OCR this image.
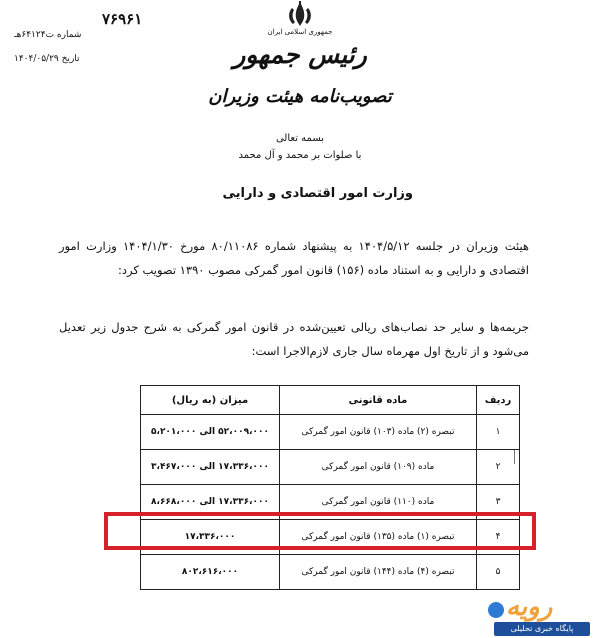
۷۶۹۶۱
شماره ت۶۴۱۲۴هـ
تاریخ ۱۴۰۴/۰۵/۲۹
جمهوری اسلامی ایران
رئیس جمهور
تصویب‌نامه هیئت وزیران
بسمه تعالی
با صلوات بر محمد و آل محمد
وزارت امور اقتصادی و دارایی
هیئت وزیران در جلسه ۱۴۰۴/۵/۱۲ به پیشنهاد شماره ۸۰/۱۱۰۸۶ مورخ ۱۴۰۴/۱/۳۰ وزارت امور اقتصادی و دارایی و به استناد ماده (۱۵۶) قانون امور گمرکی مصوب ۱۳۹۰ تصویب کرد:
جریمه‌ها و سایر حد نصاب‌های ریالی تعیین‌شده در قانون امور گمرکی به شرح جدول زیر تعدیل می‌شود و از تاریخ اول مهرماه سال جاری لازم‌الاجرا است:
ردیف	ماده قانونی	میزان (به ریال)
۱	تبصره (۲) ماده (۱۰۳) قانون امور گمرکی	۵۲،۰۰۹،۰۰۰ الی ۵،۲۰۱،۰۰۰
۲	ماده (۱۰۹) قانون امور گمرکی	۱۷،۳۳۶،۰۰۰ الی ۳،۴۶۷،۰۰۰
۳	ماده (۱۱۰) قانون امور گمرکی	۱۷،۳۳۶،۰۰۰ الی ۸،۶۶۸،۰۰۰
۴	تبصره (۱) ماده (۱۳۵) قانون امور گمرکی	۱۷،۳۳۶،۰۰۰
۵	تبصره (۴) ماده (۱۴۴) قانون امور گمرکی	۸۰۲،۶۱۶،۰۰۰
رویه
پایگاه خبری تحلیلی
